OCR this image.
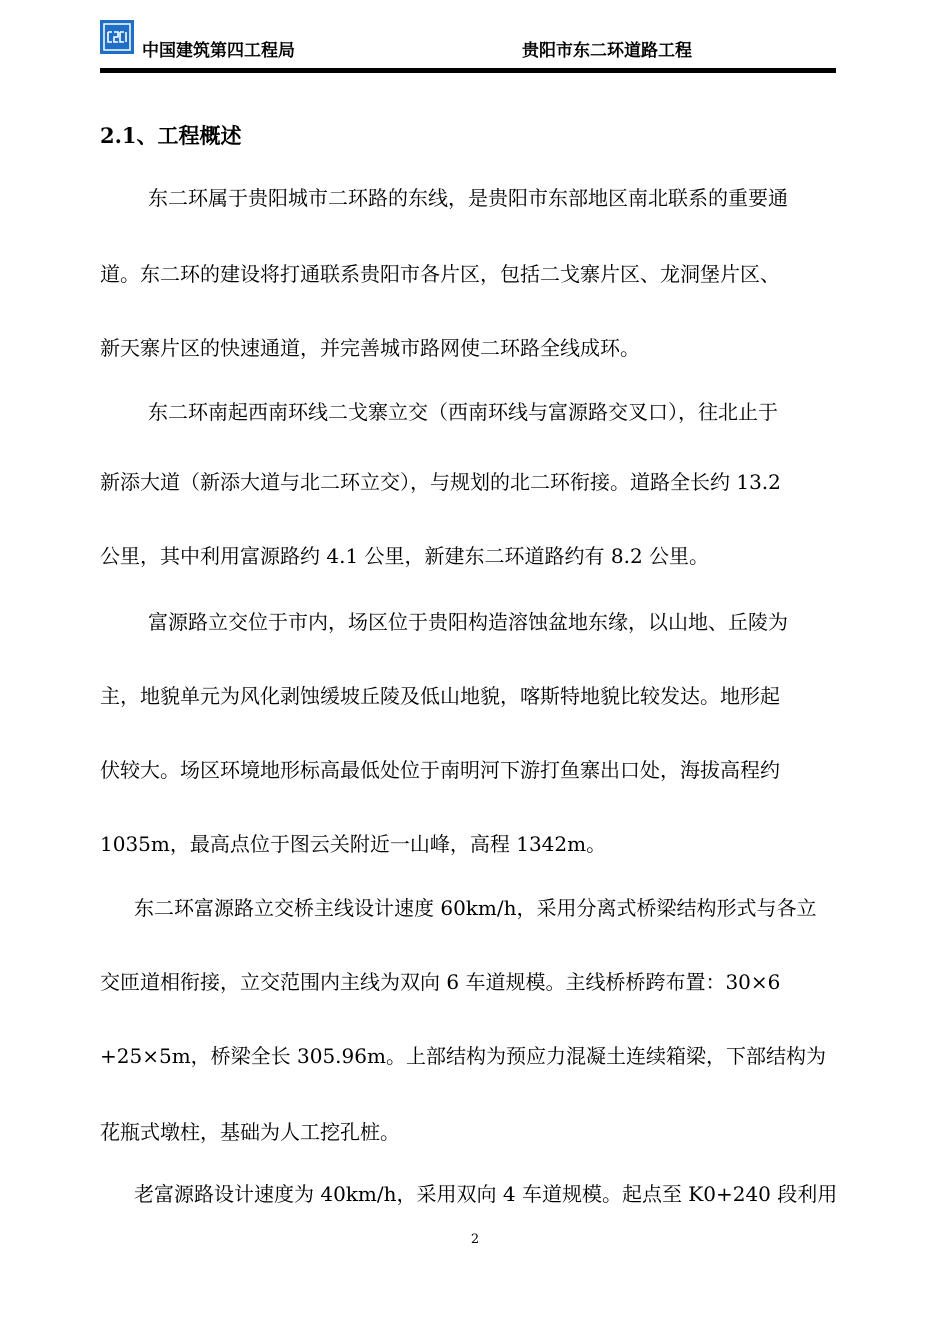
中国建筑第四工程局	贵阳市东二环道路工程
2.1、工程概述
东二环属于贵阳城市二环路的东线，是贵阳市东部地区南北联系的重要通
道。东二环的建设将打通联系贵阳市各片区，包括二戈寨片区、龙洞堡片区、
新天寨片区的快速通道，并完善城市路网使二环路全线成环。
东二环南起西南环线二戈寨立交（西南环线与富源路交叉口），往北止于
新添大道（新添大道与北二环立交），与规划的北二环衔接。道路全长约 13.2
公里，其中利用富源路约 4.1 公里，新建东二环道路约有 8.2 公里。
富源路立交位于市内，场区位于贵阳构造溶蚀盆地东缘，以山地、丘陵为
主，地貌单元为风化剥蚀缓坡丘陵及低山地貌，喀斯特地貌比较发达。地形起
伏较大。场区环境地形标高最低处位于南明河下游打鱼寨出口处，海拔高程约
1035m，最高点位于图云关附近一山峰，高程 1342m。
东二环富源路立交桥主线设计速度 60km/h，采用分离式桥梁结构形式与各立
交匝道相衔接，立交范围内主线为双向 6 车道规模。主线桥桥跨布置：30×6
+25×5m，桥梁全长 305.96m。上部结构为预应力混凝土连续箱梁，下部结构为
花瓶式墩柱，基础为人工挖孔桩。
老富源路设计速度为 40km/h，采用双向 4 车道规模。起点至 K0+240 段利用
2
